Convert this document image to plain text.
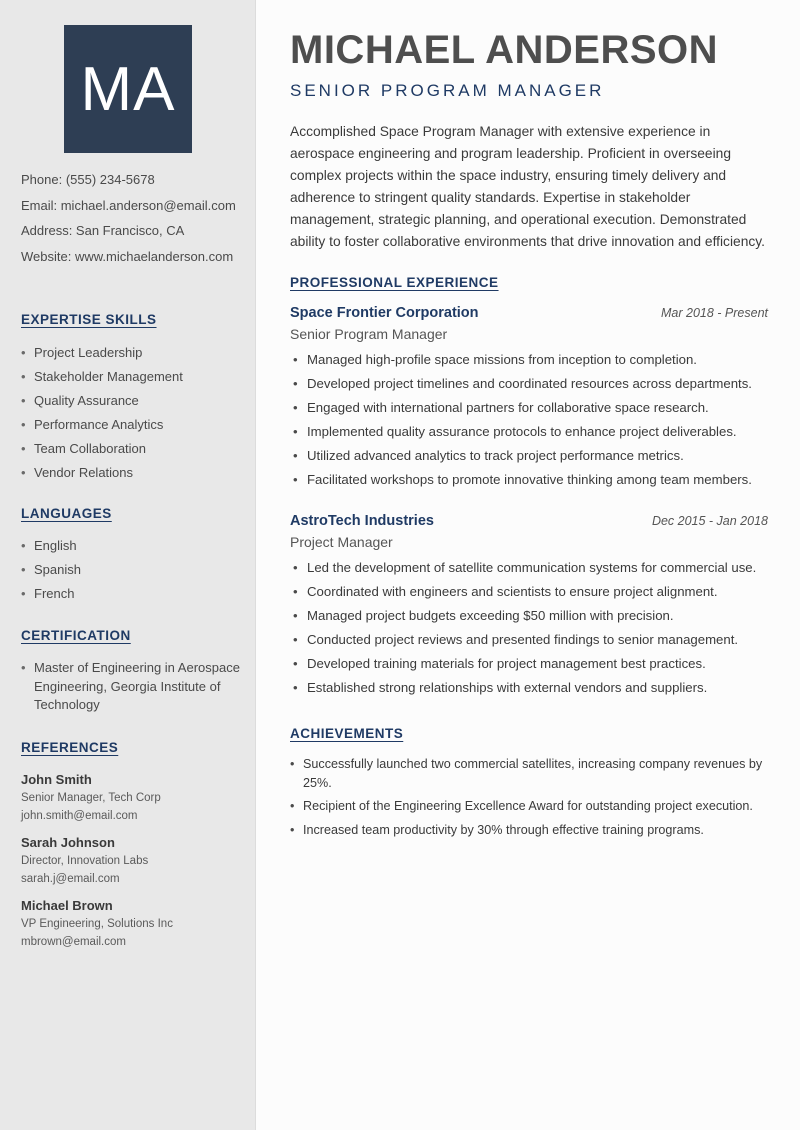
MA
Phone: (555) 234-5678
Email: michael.anderson@email.com
Address: San Francisco, CA
Website: www.michaelanderson.com
EXPERTISE SKILLS
• Project Leadership
• Stakeholder Management
• Quality Assurance
• Performance Analytics
• Team Collaboration
• Vendor Relations
LANGUAGES
• English
• Spanish
• French
CERTIFICATION
• Master of Engineering in Aerospace Engineering, Georgia Institute of Technology
REFERENCES
John Smith
Senior Manager, Tech Corp
john.smith@email.com
Sarah Johnson
Director, Innovation Labs
sarah.j@email.com
Michael Brown
VP Engineering, Solutions Inc
mbrown@email.com
MICHAEL ANDERSON
SENIOR PROGRAM MANAGER

Accomplished Space Program Manager with extensive experience in aerospace engineering and program leadership. Proficient in overseeing complex projects within the space industry, ensuring timely delivery and adherence to stringent quality standards. Expertise in stakeholder management, strategic planning, and operational execution. Demonstrated ability to foster collaborative environments that drive innovation and efficiency.

PROFESSIONAL EXPERIENCE
Space Frontier Corporation	Mar 2018 - Present
Senior Program Manager
• Managed high-profile space missions from inception to completion.
• Developed project timelines and coordinated resources across departments.
• Engaged with international partners for collaborative space research.
• Implemented quality assurance protocols to enhance project deliverables.
• Utilized advanced analytics to track project performance metrics.
• Facilitated workshops to promote innovative thinking among team members.
AstroTech Industries	Dec 2015 - Jan 2018
Project Manager
• Led the development of satellite communication systems for commercial use.
• Coordinated with engineers and scientists to ensure project alignment.
• Managed project budgets exceeding $50 million with precision.
• Conducted project reviews and presented findings to senior management.
• Developed training materials for project management best practices.
• Established strong relationships with external vendors and suppliers.
ACHIEVEMENTS
• Successfully launched two commercial satellites, increasing company revenues by 25%.
• Recipient of the Engineering Excellence Award for outstanding project execution.
• Increased team productivity by 30% through effective training programs.
